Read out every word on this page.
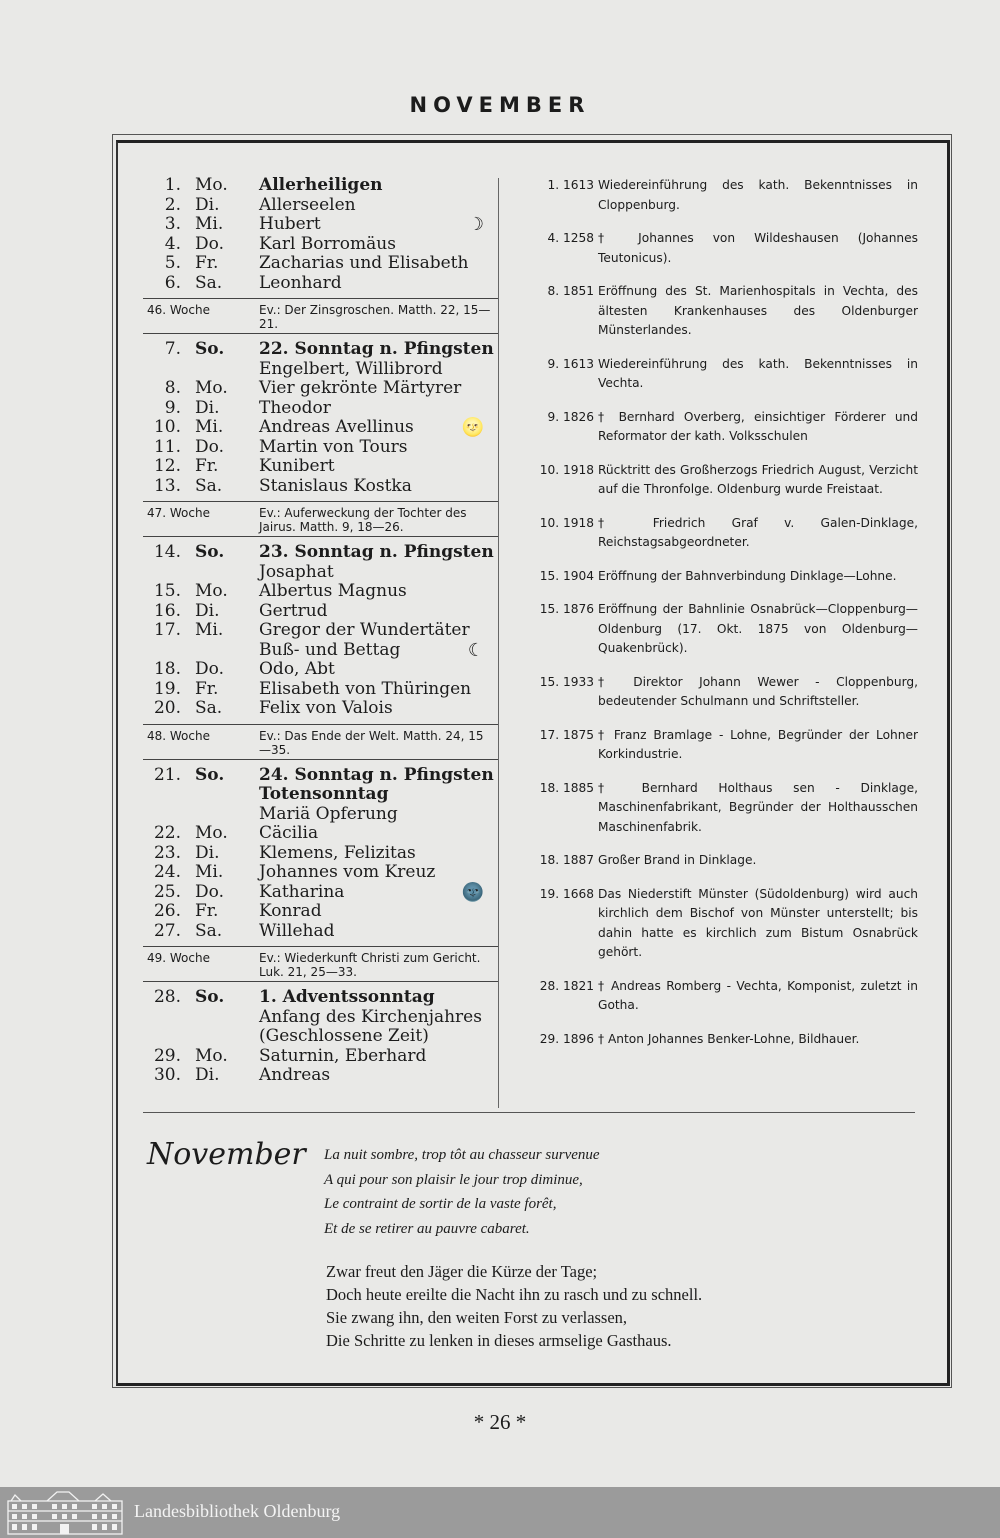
NOVEMBER
1. Mo. Allerheiligen
2. Di. Allerseelen
3. Mi. Hubert	☽
4. Do. Karl Borromäus
5. Fr. Zacharias und Elisabeth
6. Sa. Leonhard
46. Woche	Ev.: Der Zinsgroschen. Matth. 22, 15—21.
7. So. 22. Sonntag n. Pfingsten
Engelbert, Willibrord
8. Mo. Vier gekrönte Märtyrer
9. Di. Theodor
10. Mi. Andreas Avellinus	🌝
11. Do. Martin von Tours
12. Fr. Kunibert
13. Sa. Stanislaus Kostka
47. Woche	Ev.: Auferweckung der Tochter des Jairus. Matth. 9, 18—26.
14. So. 23. Sonntag n. Pfingsten
Josaphat
15. Mo. Albertus Magnus
16. Di. Gertrud
17. Mi. Gregor der Wundertäter
Buß- und Bettag	☾
18. Do. Odo, Abt
19. Fr. Elisabeth von Thüringen
20. Sa. Felix von Valois
48. Woche	Ev.: Das Ende der Welt. Matth. 24, 15—35.
21. So. 24. Sonntag n. Pfingsten
Totensonntag
Mariä Opferung
22. Mo. Cäcilia
23. Di. Klemens, Felizitas
24. Mi. Johannes vom Kreuz
25. Do. Katharina	🌚
26. Fr. Konrad
27. Sa. Willehad
49. Woche	Ev.: Wiederkunft Christi zum Gericht. Luk. 21, 25—33.
28. So. 1. Adventssonntag
Anfang des Kirchenjahres
(Geschlossene Zeit)
29. Mo. Saturnin, Eberhard
30. Di. Andreas
1. 1613 Wiedereinführung des kath. Bekenntnisses in Cloppenburg.
4. 1258 † Johannes von Wildeshausen (Johannes Teutonicus).
8. 1851 Eröffnung des St. Marienhospitals in Vechta, des ältesten Krankenhauses des Oldenburger Münsterlandes.
9. 1613 Wiedereinführung des kath. Bekenntnisses in Vechta.
9. 1826 † Bernhard Overberg, einsichtiger Förderer und Reformator der kath. Volksschulen
10. 1918 Rücktritt des Großherzogs Friedrich August, Verzicht auf die Thronfolge. Oldenburg wurde Freistaat.
10. 1918 † Friedrich Graf v. Galen-Dinklage, Reichstagsabgeordneter.
15. 1904 Eröffnung der Bahnverbindung Dinklage—Lohne.
15. 1876 Eröffnung der Bahnlinie Osnabrück—Cloppenburg—Oldenburg (17. Okt. 1875 von Oldenburg—Quakenbrück).
15. 1933 † Direktor Johann Wewer - Cloppenburg, bedeutender Schulmann und Schriftsteller.
17. 1875 † Franz Bramlage - Lohne, Begründer der Lohner Korkindustrie.
18. 1885 † Bernhard Holthaus sen - Dinklage, Maschinenfabrikant, Begründer der Holthausschen Maschinenfabrik.
18. 1887 Großer Brand in Dinklage.
19. 1668 Das Niederstift Münster (Südoldenburg) wird auch kirchlich dem Bischof von Münster unterstellt; bis dahin hatte es kirchlich zum Bistum Osnabrück gehört.
28. 1821 † Andreas Romberg - Vechta, Komponist, zuletzt in Gotha.
29. 1896 † Anton Johannes Benker-Lohne, Bildhauer.
November La nuit sombre, trop tôt au chasseur survenue
A qui pour son plaisir le jour trop diminue,
Le contraint de sortir de la vaste forêt,
Et de se retirer au pauvre cabaret.
Zwar freut den Jäger die Kürze der Tage;
Doch heute ereilte die Nacht ihn zu rasch und zu schnell.
Sie zwang ihn, den weiten Forst zu verlassen,
Die Schritte zu lenken in dieses armselige Gasthaus.
* 26 *
Landesbibliothek Oldenburg
